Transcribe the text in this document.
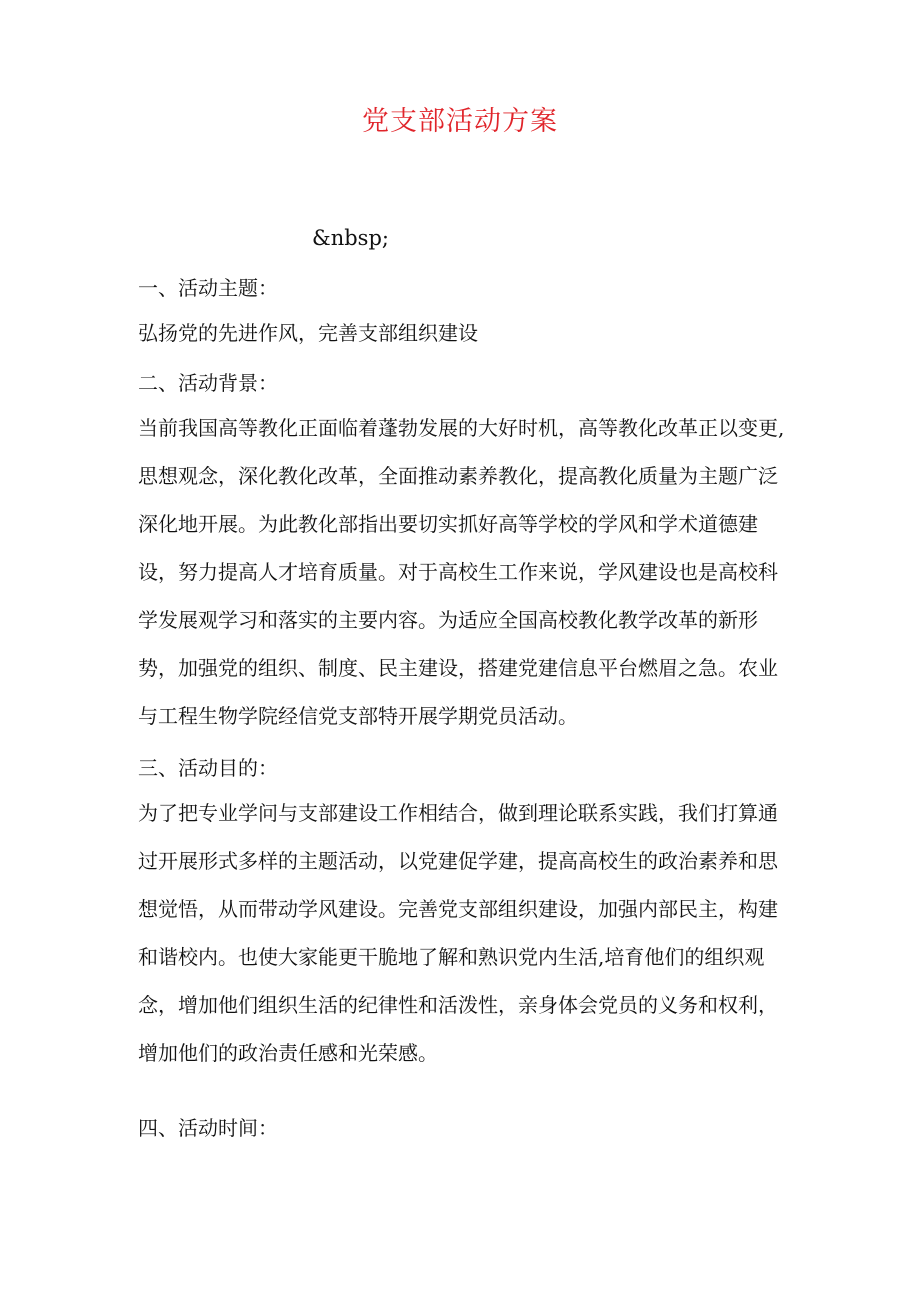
党支部活动方案
&nbsp;

一、活动主题：

弘扬党的先进作风，完善支部组织建设

二、活动背景：

当前我国高等教化正面临着蓬勃发展的大好时机，高等教化改革正以变更,思想观念，深化教化改革，全面推动素养教化，提高教化质量为主题广泛深化地开展。为此教化部指出要切实抓好高等学校的学风和学术道德建设，努力提高人才培育质量。对于高校生工作来说，学风建设也是高校科学发展观学习和落实的主要内容。为适应全国高校教化教学改革的新形势，加强党的组织、制度、民主建设，搭建党建信息平台燃眉之急。农业与工程生物学院经信党支部特开展学期党员活动。

三、活动目的：

为了把专业学问与支部建设工作相结合，做到理论联系实践，我们打算通过开展形式多样的主题活动，以党建促学建，提高高校生的政治素养和思想觉悟，从而带动学风建设。完善党支部组织建设，加强内部民主，构建和谐校内。也使大家能更干脆地了解和熟识党内生活,培育他们的组织观念，增加他们组织生活的纪律性和活泼性，亲身体会党员的义务和权利，增加他们的政治责任感和光荣感。

四、活动时间：
